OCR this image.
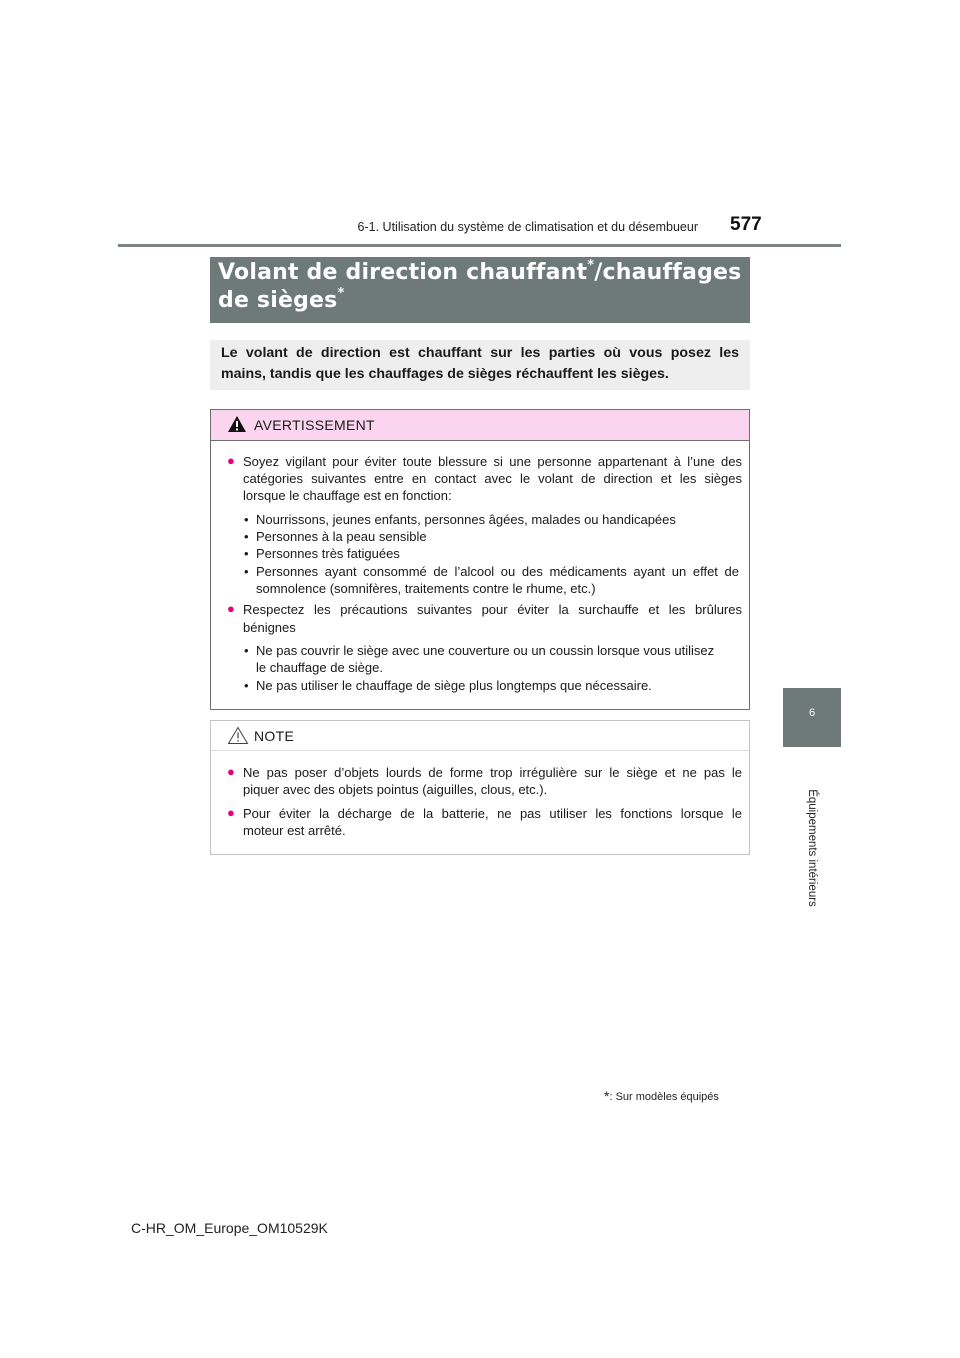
6-1. Utilisation du système de climatisation et du désembueur 577
6
Équipements intérieurs
Volant de direction chauffant*/chauffages
de sièges*
Le volant de direction est chauffant sur les parties où vous posez les
mains, tandis que les chauffages de sièges réchauffent les sièges.
AVERTISSEMENT
● Soyez vigilant pour éviter toute blessure si une personne appartenant à l’une des
catégories suivantes entre en contact avec le volant de direction et les sièges
lorsque le chauffage est en fonction:
• Nourrissons, jeunes enfants, personnes âgées, malades ou handicapées
• Personnes à la peau sensible
• Personnes très fatiguées
• Personnes ayant consommé de l’alcool ou des médicaments ayant un effet de
somnolence (somnifères, traitements contre le rhume, etc.)
● Respectez les précautions suivantes pour éviter la surchauffe et les brûlures
bénignes
• Ne pas couvrir le siège avec une couverture ou un coussin lorsque vous utilisez
le chauffage de siège.
• Ne pas utiliser le chauffage de siège plus longtemps que nécessaire.
NOTE
● Ne pas poser d’objets lourds de forme trop irrégulière sur le siège et ne pas le
piquer avec des objets pointus (aiguilles, clous, etc.).
● Pour éviter la décharge de la batterie, ne pas utiliser les fonctions lorsque le
moteur est arrêté.
*: Sur modèles équipés
C-HR_OM_Europe_OM10529K
